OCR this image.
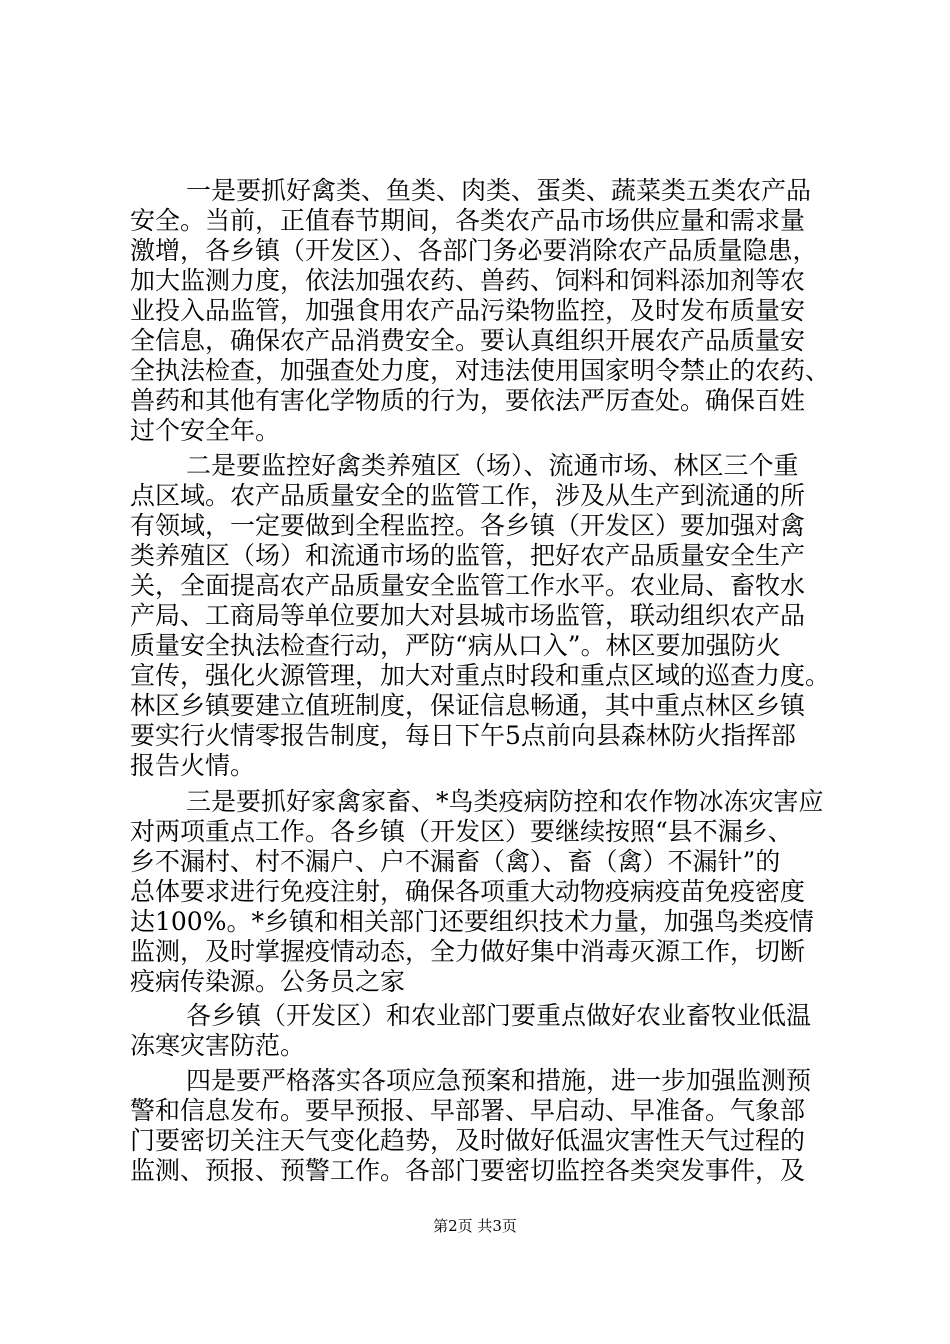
一是要抓好禽类、鱼类、肉类、蛋类、蔬菜类五类农产品
安全。当前，正值春节期间，各类农产品市场供应量和需求量
激增，各乡镇（开发区）、各部门务必要消除农产品质量隐患，
加大监测力度，依法加强农药、兽药、饲料和饲料添加剂等农
业投入品监管，加强食用农产品污染物监控，及时发布质量安
全信息，确保农产品消费安全。要认真组织开展农产品质量安
全执法检查，加强查处力度，对违法使用国家明令禁止的农药、
兽药和其他有害化学物质的行为，要依法严厉查处。确保百姓
过个安全年。
二是要监控好禽类养殖区（场）、流通市场、林区三个重
点区域。农产品质量安全的监管工作，涉及从生产到流通的所
有领域，一定要做到全程监控。各乡镇（开发区）要加强对禽
类养殖区（场）和流通市场的监管，把好农产品质量安全生产
关，全面提高农产品质量安全监管工作水平。农业局、畜牧水
产局、工商局等单位要加大对县城市场监管，联动组织农产品
质量安全执法检查行动，严防“病从口入”。林区要加强防火
宣传，强化火源管理，加大对重点时段和重点区域的巡查力度。
林区乡镇要建立值班制度，保证信息畅通，其中重点林区乡镇
要实行火情零报告制度，每日下午5点前向县森林防火指挥部
报告火情。
三是要抓好家禽家畜、*鸟类疫病防控和农作物冰冻灾害应
对两项重点工作。各乡镇（开发区）要继续按照“县不漏乡、
乡不漏村、村不漏户、户不漏畜（禽）、畜（禽）不漏针”的
总体要求进行免疫注射，确保各项重大动物疫病疫苗免疫密度
达100%。*乡镇和相关部门还要组织技术力量，加强鸟类疫情
监测，及时掌握疫情动态，全力做好集中消毒灭源工作，切断
疫病传染源。公务员之家
各乡镇（开发区）和农业部门要重点做好农业畜牧业低温
冻寒灾害防范。
四是要严格落实各项应急预案和措施，进一步加强监测预
警和信息发布。要早预报、早部署、早启动、早准备。气象部
门要密切关注天气变化趋势，及时做好低温灾害性天气过程的
监测、预报、预警工作。各部门要密切监控各类突发事件，及
第2页 共3页
